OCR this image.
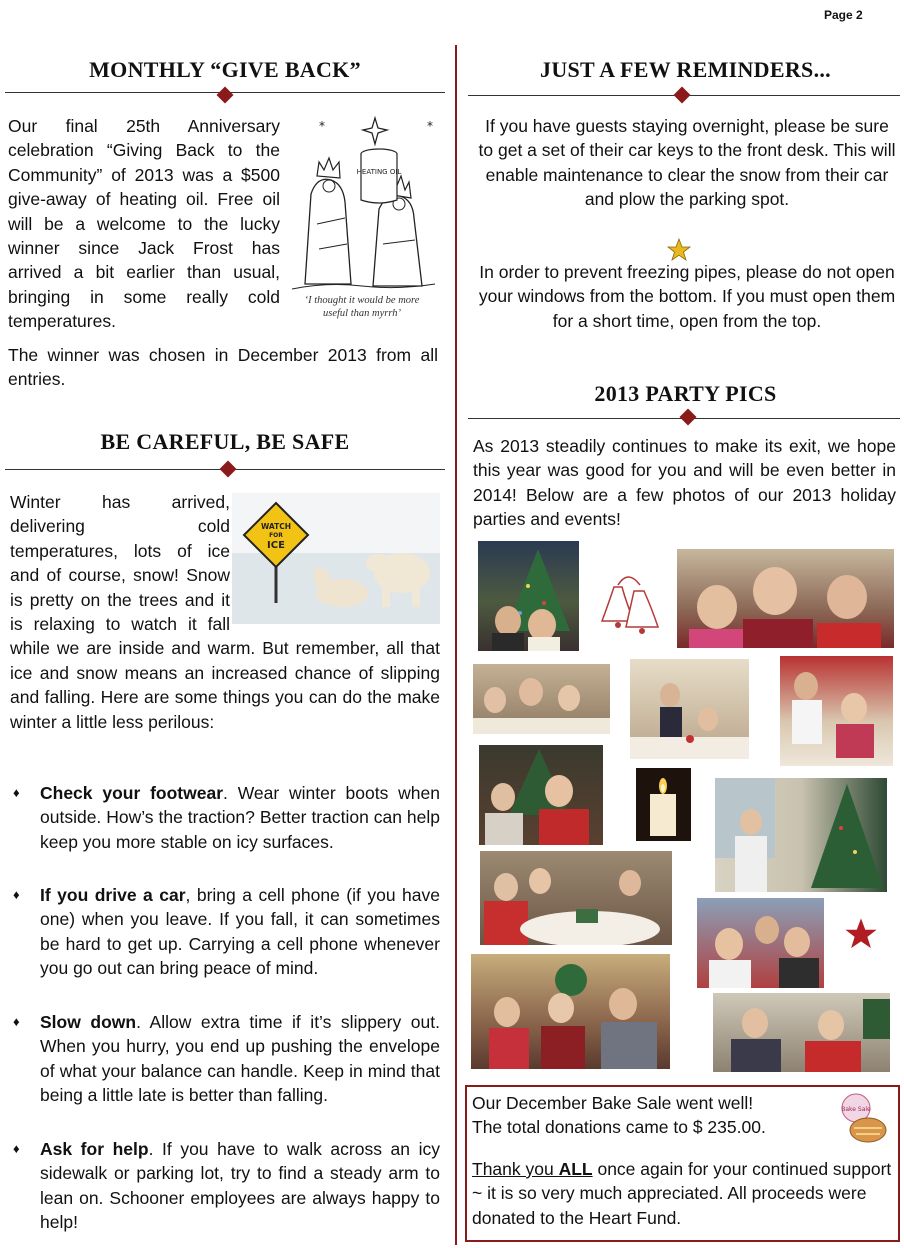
Page 2
MONTHLY “GIVE BACK”
Our final 25th Anniversary celebration “Giving Back to the Community” of 2013 was a $500 give-away of heating oil. Free oil will be a welcome to the lucky winner since Jack Frost has arrived a bit earlier than usual, bringing in some really cold temperatures.
*	*
HEATING OIL
‘I thought it would be more useful than myrrh’
The winner was chosen in December 2013 from all entries.
BE CAREFUL, BE SAFE
WATCH
FOR
ICE
Winter has arrived, delivering cold temperatures, lots of ice and of course, snow! Snow is pretty on the trees and it is relaxing to watch it fall while we are inside and warm. But remember, all that ice and snow means an increased chance of slipping and falling. Here are some things you can do the make winter a little less perilous:
♦ Check your footwear. Wear winter boots when outside. How’s the traction? Better traction can help keep you more stable on icy surfaces.
♦ If you drive a car, bring a cell phone (if you have one) when you leave. If you fall, it can sometimes be hard to get up. Carrying a cell phone whenever you go out can bring peace of mind.
♦ Slow down. Allow extra time if it’s slippery out. When you hurry, you end up pushing the envelope of what your balance can handle. Keep in mind that being a little late is better than falling.
♦ Ask for help. If you have to walk across an icy sidewalk or parking lot, try to find a steady arm to lean on. Schooner employees are always happy to help!
JUST A FEW REMINDERS...
If you have guests staying overnight, please be sure to get a set of their car keys to the front desk. This will enable maintenance to clear the snow from their car and plow the parking spot.
In order to prevent freezing pipes, please do not open your windows from the bottom. If you must open them for a short time, open from the top.
2013 PARTY PICS
As 2013 steadily continues to make its exit, we hope this year was good for you and will be even better in 2014! Below are a few photos of our 2013 holiday parties and events!
Our December Bake Sale went well!
The total donations came to $ 235.00.
Bake Sale
Thank you ALL once again for your continued support ~ it is so very much appreciated. All proceeds were donated to the Heart Fund.
